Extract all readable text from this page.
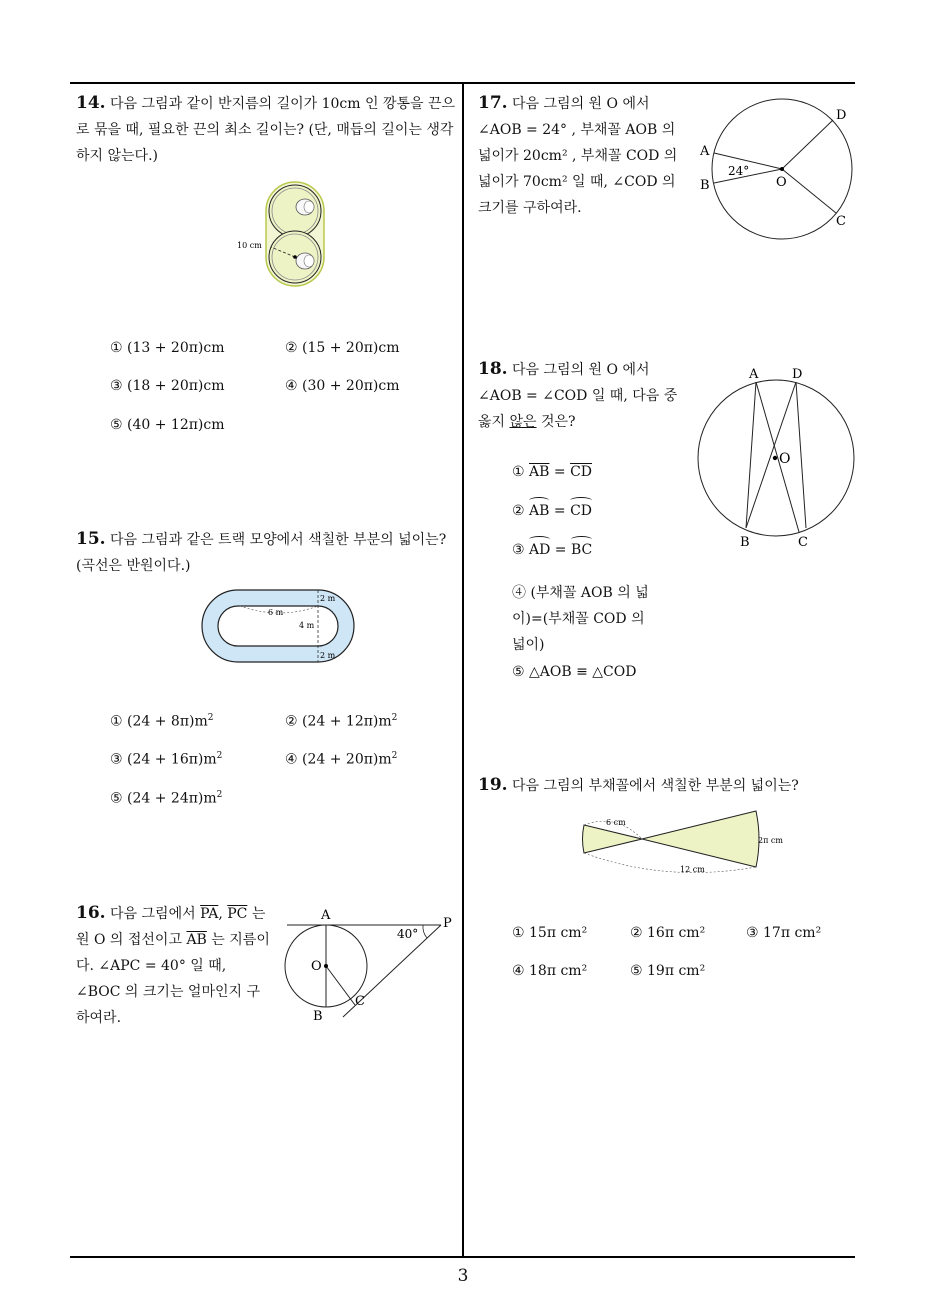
14. 다음 그림과 같이 반지름의 길이가 10cm 인 깡통을 끈으로 묶을 때, 필요한 끈의 최소 길이는? (단, 매듭의 길이는 생각하지 않는다.)
10 cm
① (13 + 20π)cm	② (15 + 20π)cm
③ (18 + 20π)cm	④ (30 + 20π)cm
⑤ (40 + 12π)cm
15. 다음 그림과 같은 트랙 모양에서 색칠한 부분의 넓이는? (곡선은 반원이다.)
6 m
2 m
4 m
2 m
① $(24 + 8\pi)m^2$	② $(24 + 12\pi)m^2$
③ $(24 + 16\pi)m^2$	④ $(24 + 20\pi)m^2$
⑤ $(24 + 24\pi)m^2$
16. 다음 그림에서 $\overline{PA}$, $\overline{PC}$ 는 원 O 의 접선이고 $\overline{AB}$ 는 지름이다. ∠APC = 40° 일 때, ∠BOC 의 크기는 얼마인지 구하여라.
A
P
O
B
C
40°
17. 다음 그림의 원 O 에서 ∠AOB = 24° , 부채꼴 AOB 의 넓이가 20cm² , 부채꼴 COD 의 넓이가 70cm² 일 때, ∠COD 의 크기를 구하여라.
A
B
D
C
O
24°
18. 다음 그림의 원 O 에서 ∠AOB = ∠COD 일 때, 다음 중 옳지 않은 것은?
A	D
O
B	C
① $\overline{AB} = \overline{CD}$
② AB = CD
③ AD = BC
④ (부채꼴 AOB 의 넓이)=(부채꼴 COD 의 넓이)
⑤ △AOB ≡ △COD
19. 다음 그림의 부채꼴에서 색칠한 부분의 넓이는?
6 cm
2π cm
12 cm
① 15π cm²	② 16π cm²	③ 17π cm²
④ 18π cm²	⑤ 19π cm²
3
